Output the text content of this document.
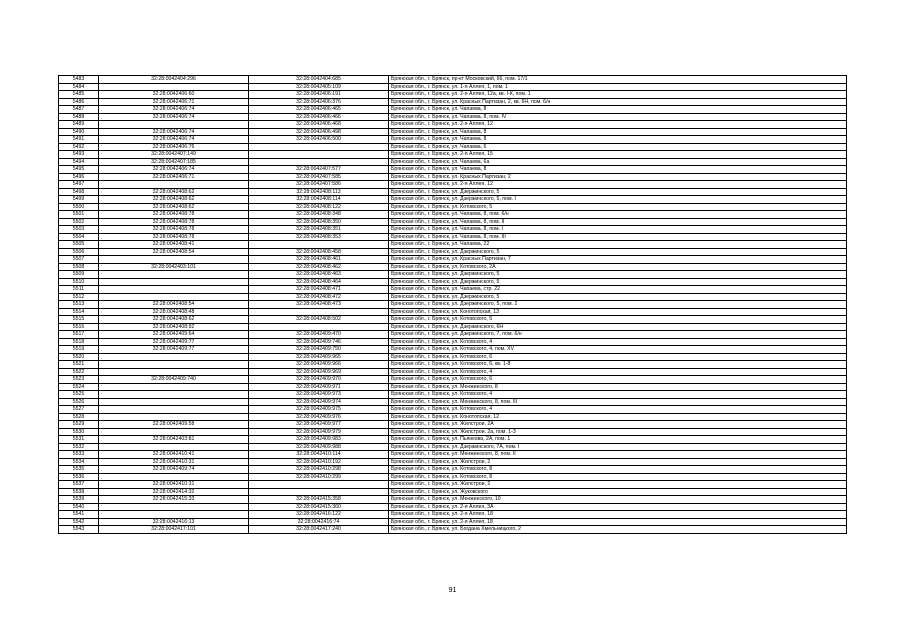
5483	32:28:0042404:296	32:28:0042404:685	Брянская обл., г. Брянск, пр-кт Московский, 66, пом. 17/1
5484		32:28:0042405:109	Брянская обл., г. Брянск, ул. 1-я Аллея, 1, пом. 1
5485	32:28:0042406:60	32:28:0042406:191	Брянская обл., г. Брянск, ул. 2-я Аллея, 12а, кв. I-К, пом. 1
5486	32:28:0042406:71	32:28:0042406:376	Брянская обл., г. Брянск, ул. Красных Партизан, 2, кв. 6Н, пом. 6/н
5487	32:28:0042406:74	32:28:0042406:465	Брянская обл., г. Брянск, ул. Чапаева, 8
5488	32:28:0042406:74	32:28:0042406:466	Брянская обл., г. Брянск, ул. Чапаева, 8, пом. IV
5489		32:28:0042406:468	Брянская обл., г. Брянск, ул. 2-я Аллея, 12
5490	32:28:0042406:74	32:28:0042406:498	Брянская обл., г. Брянск, ул. Чапаева, 8
5491	32:28:0042406:74	32:28:0042406:500	Брянская обл., г. Брянск, ул. Чапаева, 8
5492	32:28:0042406:76		Брянская обл., г. Брянск, ул. Чапаева, 6
5493	32:28:0042407:149		Брянская обл., г. Брянск, ул. 2-я Аллея, 15
5494	32:28:0042407:185		Брянская обл., г. Брянск, ул. Чапаева, 6а
5495	32:28:0042406:74	32:28:0042407:577	Брянская обл., г. Брянск, ул. Чапаева, 8
5496	32:28:0042406:71	32:28:0042407:585	Брянская обл., г. Брянск, ул. Красных Партизан, 2
5497		32:28:0042407:586	Брянская обл., г. Брянск, ул. 2-я Аллея, 12
5498	32:28:0042408:62	32:28:0042408:113	Брянская обл., г. Брянск, ул. Дзержинского, 5
5499	32:28:0042408:62	32:28:0042408:114	Брянская обл., г. Брянск, ул. Дзержинского, 5, пом. I
5500	32:28:0042408:62	32:28:0042408:122	Брянская обл., г. Брянск, ул. Котовского, 5
5501	32:28:0042408:78	32:28:0042408:348	Брянская обл., г. Брянск, ул. Чапаева, 8, пом. 6/н
5502	32:28:0042408:78	32:28:0042408:350	Брянская обл., г. Брянск, ул. Чапаева, 8, пом. II
5503	32:28:0042408:78	32:28:0042408:351	Брянская обл., г. Брянск, ул. Чапаева, 8, пом. I
5504	32:28:0042408:78	32:28:0042408:353	Брянская обл., г. Брянск, ул. Чапаева, 8, пом. III
5505	32:28:0042408:41		Брянская обл., г. Брянск, ул. Чапаева, 22
5506	32:28:0042408:54	32:28:0042408:458	Брянская обл., г. Брянск, ул. Дзержинского, 5
5507		32:28:0042408:461	Брянская обл., г. Брянск, ул. Красных Партизан, 7
5508	32:28:0042403:101	32:28:0042408:462	Брянская обл., г. Брянск, ул. Котовского, 2А
5509		32:28:0042408:463	Брянская обл., г. Брянск, ул. Дзержинского, 5
5510		32:28:0042408:464	Брянская обл., г. Брянск, ул. Дзержинского, 5
5511		32:28:0042408:471	Брянская обл., г. Брянск, ул. Чапаева, стр. 22
5512		32:28:0042408:472	Брянская обл., г. Брянск, ул. Дзержинского, 5
5513	32:28:0042408:54	32:28:0042408:473	Брянская обл., г. Брянск, ул. Дзержинского, 5, пом. 2
5514	32:28:0042408:48		Брянская обл., г. Брянск, ул. Конотопская, 13
5515	32:28:0042408:62	32:28:0042408:502	Брянская обл., г. Брянск, ул. Котовского, 5
5516	32:28:0042408:92		Брянская обл., г. Брянск, ул. Дзержинского, 6Н
5517	32:28:0042409:64	32:28:0042409:470	Брянская обл., г. Брянск, ул. Дзержинского, 7, пом. 6/н
5518	32:28:0042409:77	32:28:0042409:746	Брянская обл., г. Брянск, ул. Котовского, 4
5519	32:28:0042409:77	32:28:0042409:750	Брянская обл., г. Брянск, ул. Котовского, 4, пом. XV
5520		32:28:0042409:965	Брянская обл., г. Брянск, ул. Котовского, 6
5521		32:28:0042409:966	Брянская обл., г. Брянск, ул. Котовского, 6, кв. 1-8
5522		32:28:0042409:969	Брянская обл., г. Брянск, ул. Котовского, 4
5523	32:28:0042409:740	32:28:0042409:970	Брянская обл., г. Брянск, ул. Котовского, 6
5524		32:28:0042409:971	Брянская обл., г. Брянск, ул. Менжинского, 8
5525		32:28:0042409:973	Брянская обл., г. Брянск, ул. Котовского, 4
5526		32:28:0042409:974	Брянская обл., г. Брянск, ул. Менжинского, 8, пом. III
5527		32:28:0042409:975	Брянская обл., г. Брянск, ул. Котовского, 4
5528		32:28:0042409:976	Брянская обл., г. Брянск, ул. Конотопская, 12
5529	32:28:0042409:58	32:28:0042409:977	Брянская обл., г. Брянск, ул. Жилстрои, 2А
5530		32:28:0042409:979	Брянская обл., г. Брянск, ул. Жилстрои, 2а, пом. 1-3
5531	32:28:0042403:81	32:28:0042409:983	Брянская обл., г. Брянск, ул. Пьянкова, 2А, пом. 1
5532		32:28:0042409:988	Брянская обл., г. Брянск, ул. Дзержинского, 7А, пом. I
5533	32:28:0042410:41	32:28:0042410:114	Брянская обл., г. Брянск, ул. Менжинского, 8, пом. II
5534	32:28:0042410:31	32:28:0042410:192	Брянская обл., г. Брянск, ул. Жилстрои, 2
5535	32:28:0042409:74	32:28:0042410:298	Брянская обл., г. Брянск, ул. Котовского, 8
5536		32:28:0042410:299	Брянская обл., г. Брянск, ул. Котовского, 8
5537	32:28:0042410:31		Брянская обл., г. Брянск, ул. Жилстрои, 2
5538	32:28:0042414:32		Брянская обл., г. Брянск, ул. Жуковского
5539	32:28:0042415:33	32:28:0042415:358	Брянская обл., г. Брянск, ул. Менжинского, 10
5540		32:28:0042415:360	Брянская обл., г. Брянск, ул. 2-я Аллея, 3А
5541		32:28:0042416:122	Брянская обл., г. Брянск, ул. 2-я Аллея, 18
5542	32:28:0042416:13	32:28:0042416:74	Брянская обл., г. Брянск, ул. 2-я Аллея, 18
5543	32:28:0042417:101	32:28:0042417:240	Брянская обл., г. Брянск, ул. Богдана Хмельницкого, 2
91
